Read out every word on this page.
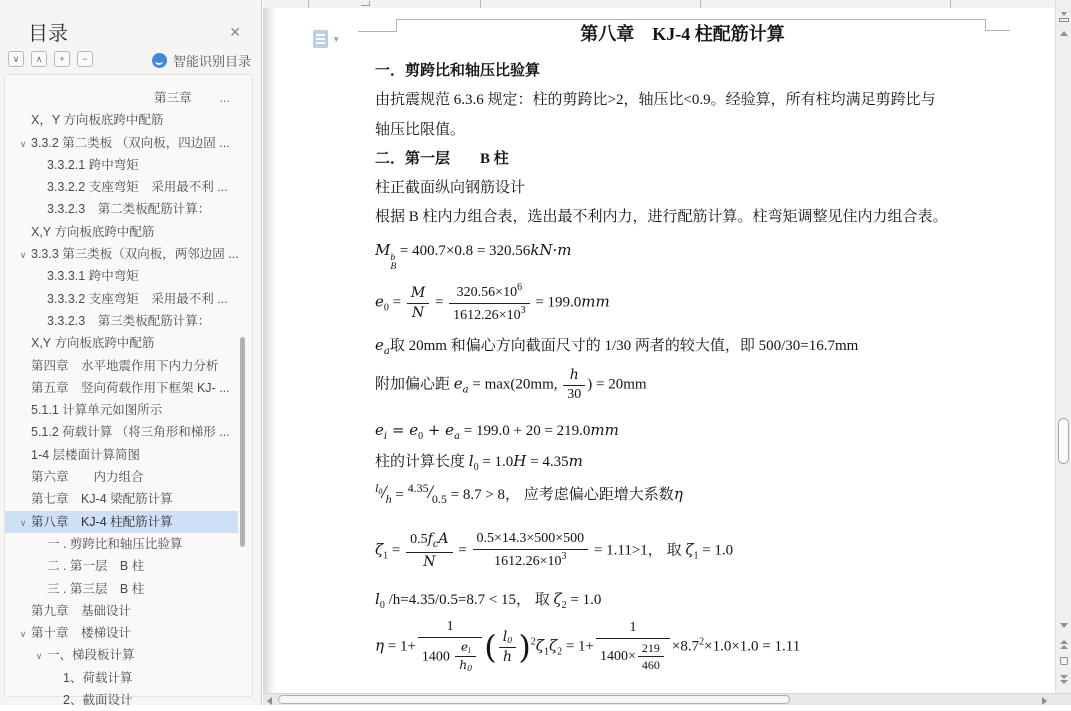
目录	✕
∨ ∧ + −	智能识别目录
第三章 ...
X，Y 方向板底跨中配筋
∨ 3.3.2 第二类板 （双向板，四边固 ...
3.3.2.1 跨中弯矩
3.3.2.2 支座弯矩　采用最不利 ...
3.3.2.3　第二类板配筋计算：
X,Y 方向板底跨中配筋
∨ 3.3.3 第三类板（双向板，两邻边固 ...
3.3.3.1 跨中弯矩
3.3.3.2 支座弯矩　采用最不利 ...
3.3.2.3　第三类板配筋计算：
X,Y 方向板底跨中配筋
第四章　水平地震作用下内力分析
第五章　竖向荷载作用下框架 KJ- ...
5.1.1 计算单元如图所示
5.1.2 荷载计算 （将三角形和梯形 ...
1-4 层楼面计算简图
第六章　　内力组合
第七章　KJ-4 梁配筋计算
∨ 第八章　KJ-4 柱配筋计算
一 . 剪跨比和轴压比验算
二 . 第一层　B 柱
三 . 第三层　B 柱
第九章　基础设计
∨ 第十章　楼梯设计
∨ 一、梯段板计算
1、荷载计算
2、截面设计
▾	第八章　KJ-4 柱配筋计算
一．剪跨比和轴压比验算
由抗震规范 6.3.6 规定：柱的剪跨比>2，轴压比<0.9。经验算，所有柱均满足剪跨比与
轴压比限值。
二．第一层　　B 柱
柱正截面纵向钢筋设计
根据 B 柱内力组合表，选出最不利内力，进行配筋计算。柱弯矩调整见住内力组合表。
M b
B
= 400.7×0.8 = 320.56kN·m
$e_0 = \frac{M}{N} = \frac{320.56\times 10^6}{1612.26\times 10^3} = 199.0mm$
$e_a$取 20mm 和偏心方向截面尺寸的 1/30 两者的较大值，即 500/30=16.7mm
附加偏心距 $e_a = \max(20mm$, $\frac{h}{30}$ ) = 20mm
$e_i = e_0 + e_a = 199.0 + 20 = 219.0mm$
柱的计算长度 $l_0 = 1.0H = 4.35m$
$^{l_0}/_h = ^{4.35}/_{0.5} = 8.7 > 8$， 应考虑偏心距增大系数η
$\zeta_1 = \frac{0.5f_cA}{N} = \frac{0.5\times 14.3\times 500\times 500}{1612.26\times 10^3} = 1.11>1$， 取 $\zeta_1 = 1.0$
$l_0$ /h=4.35/0.5=8.7 < 15， 取 $\zeta_2 = 1.0$
$\eta = 1+ \frac{1}{1400 \frac{e_i}{h_0}}$ ( $\frac{l_0}{h} )^2\zeta_1\zeta_2 = 1+ \frac{1}{1400\times \frac{219}{460}} \times 8.7^2\times 1.0\times 1.0 = 1.11$
